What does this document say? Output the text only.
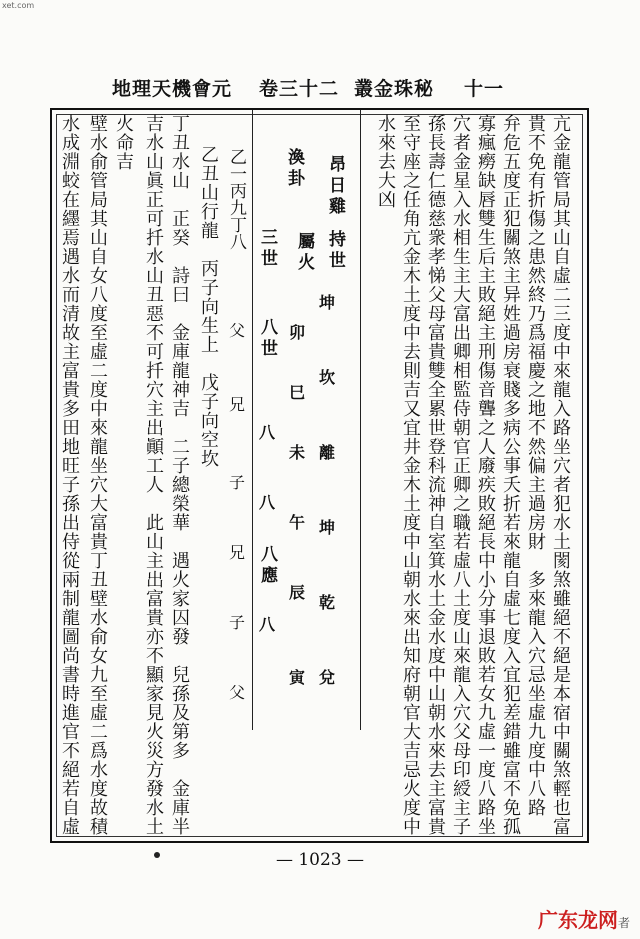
xet.com
地理天機會元 卷三十二 叢金珠秘 十一
亢金龍管局其山自虛二三度中來龍入路坐穴者犯水土閡煞雖絕不絕是本宿中關煞輕也富
貴不免有折傷之患然終乃爲福慶之地不然偏主過房財　多來龍入穴忌坐虛九度中八路
弁危五度正犯關煞主异姓過房衰賤多病公事夭折若來龍自虛七度入宜犯差錯雖富不免孤
寡瘋癆缺唇雙生后主敗絕主刑傷音聾之人廢疾敗絕長中小分事退敗若女九虛一度八路坐
穴者金星入水相生主大富出卿相監侍朝官正卿之職若虛八土度山來龍入穴父母印綬主子
孫長壽仁德慈衆孝悌父母富貴雙全累世登科流神自室箕水土金水度中山朝水來去主富貴
至守座之任角亢金木土度中去則吉又宜井金木土度中山朝水來出知府朝官大吉忌火度中
水來去大凶
昂日雞
持世
坤
坎
離
坤
乾
兌
渙卦
屬火
卯
巳
未
午
辰
寅
三世
八世
八
八
八應
八
乙一丙九丁八
父
兄
子
兄
子
父
乙丑山行龍　丙子向生上　戊子向空坎
丁丑水山　正癸　詩曰　金庫龍神吉　二子總榮華　遇火家囚發　兒孫及第多　金庫半
吉水山眞正可扦水山丑惡不可扦穴主出顚工人　此山主出富貴亦不顯家見火災方發水土
火命吉
壁水俞管局其山自女八度至虛二度中來龍坐穴大富貴丁丑壁水俞女九至虛二爲水度故積
水成淵蛟在纆焉遇水而清故主富貴多田地旺子孫出侍從兩制龍圖尚書時進官不絕若自虛
— 1023 —
广东龙网者
